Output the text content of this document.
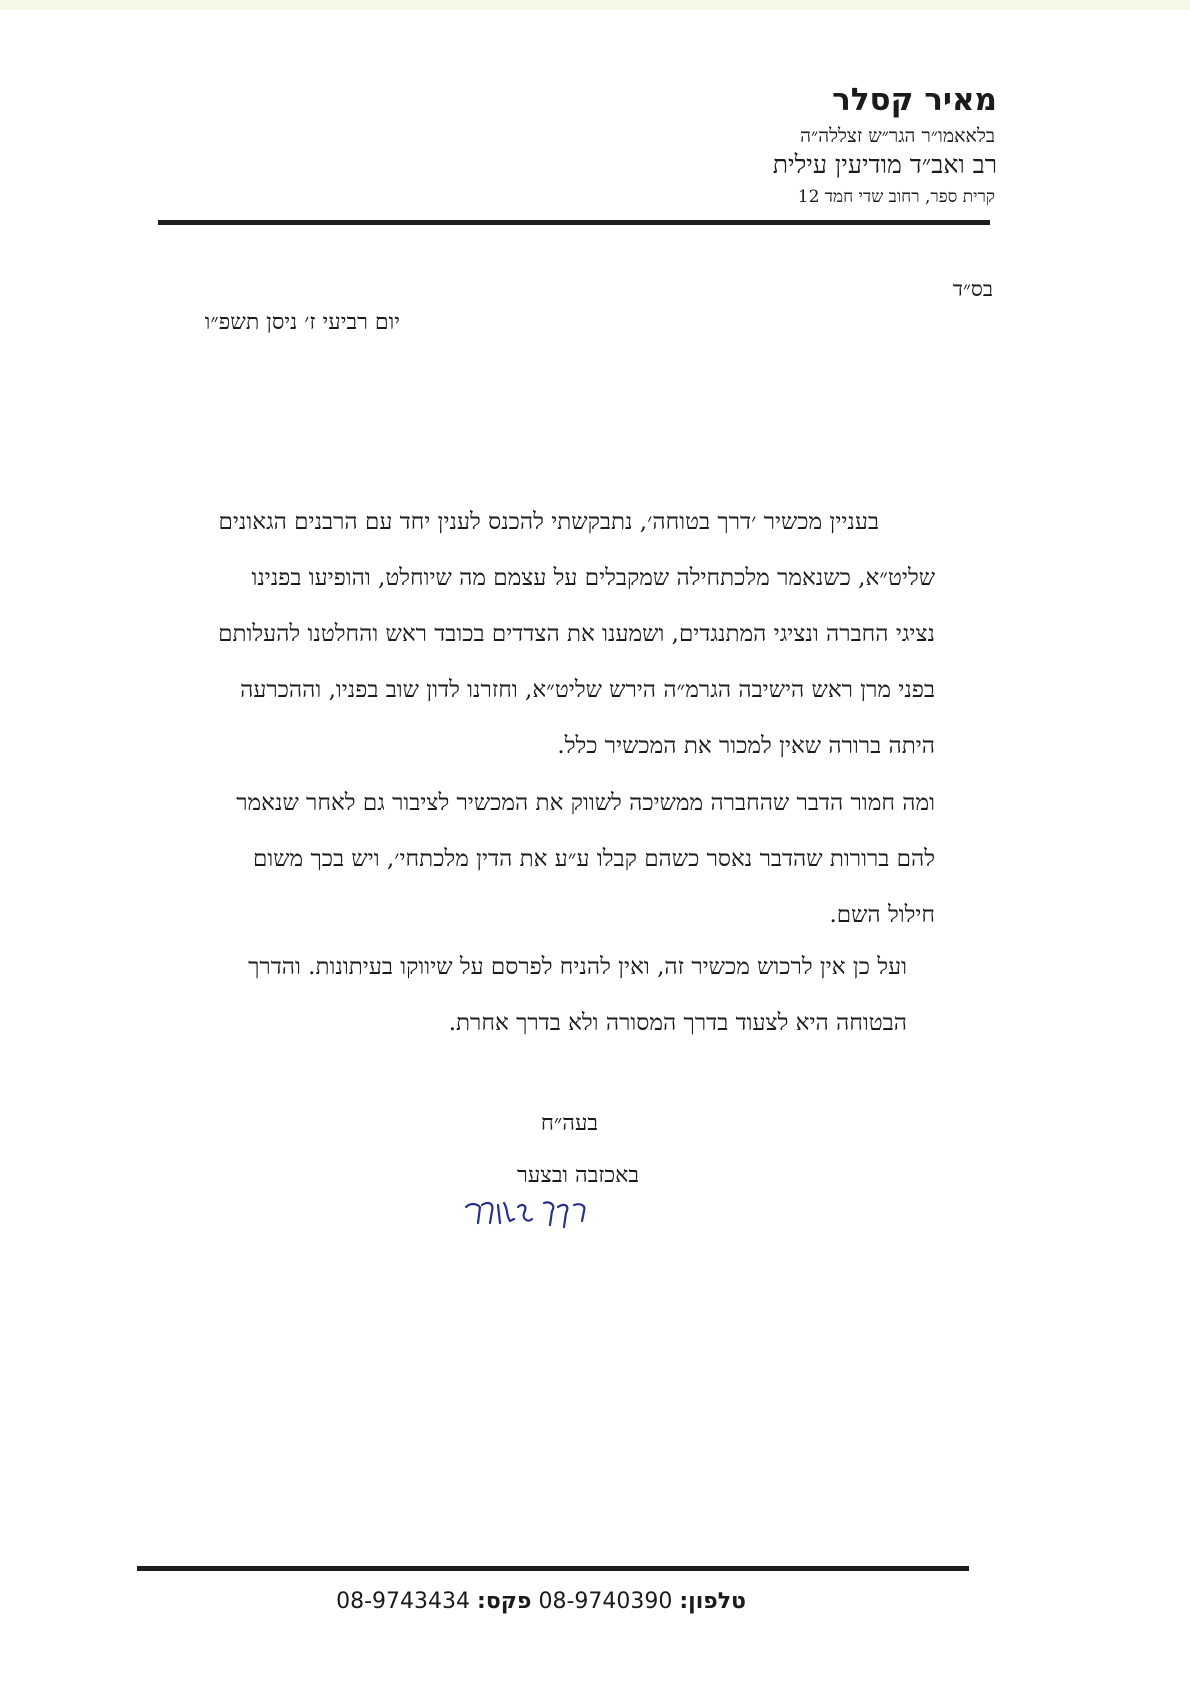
מאיר קסלר
בלאאמו״ר הגר״ש זצללה״ה
רב ואב״ד מודיעין עילית
קרית ספר, רחוב שדי חמד 12
בס״ד
יום רביעי ז׳ ניסן תשפ״ו

בעניין מכשיר ׳דרך בטוחה׳, נתבקשתי להכנס לענין יחד עם הרבנים הגאונים
שליט״א, כשנאמר מלכתחילה שמקבלים על עצמם מה שיוחלט, והופיעו בפנינו
נציגי החברה ונציגי המתנגדים, ושמענו את הצדדים בכובד ראש והחלטנו להעלותם
בפני מרן ראש הישיבה הגרמ״ה הירש שליט״א, וחזרנו לדון שוב בפניו, וההכרעה
היתה ברורה שאין למכור את המכשיר כלל.

ומה חמור הדבר שהחברה ממשיכה לשווק את המכשיר לציבור גם לאחר שנאמר
להם ברורות שהדבר נאסר כשהם קבלו ע״ע את הדין מלכתחי׳, ויש בכך משום
חילול השם.

ועל כן אין לרכוש מכשיר זה, ואין להניח לפרסם על שיווקו בעיתונות. והדרך
הבטוחה היא לצעוד בדרך המסורה ולא בדרך אחרת.

בעה״ח
באכזבה ובצער
טלפון: 08-9740390 פקס: 08-9743434
